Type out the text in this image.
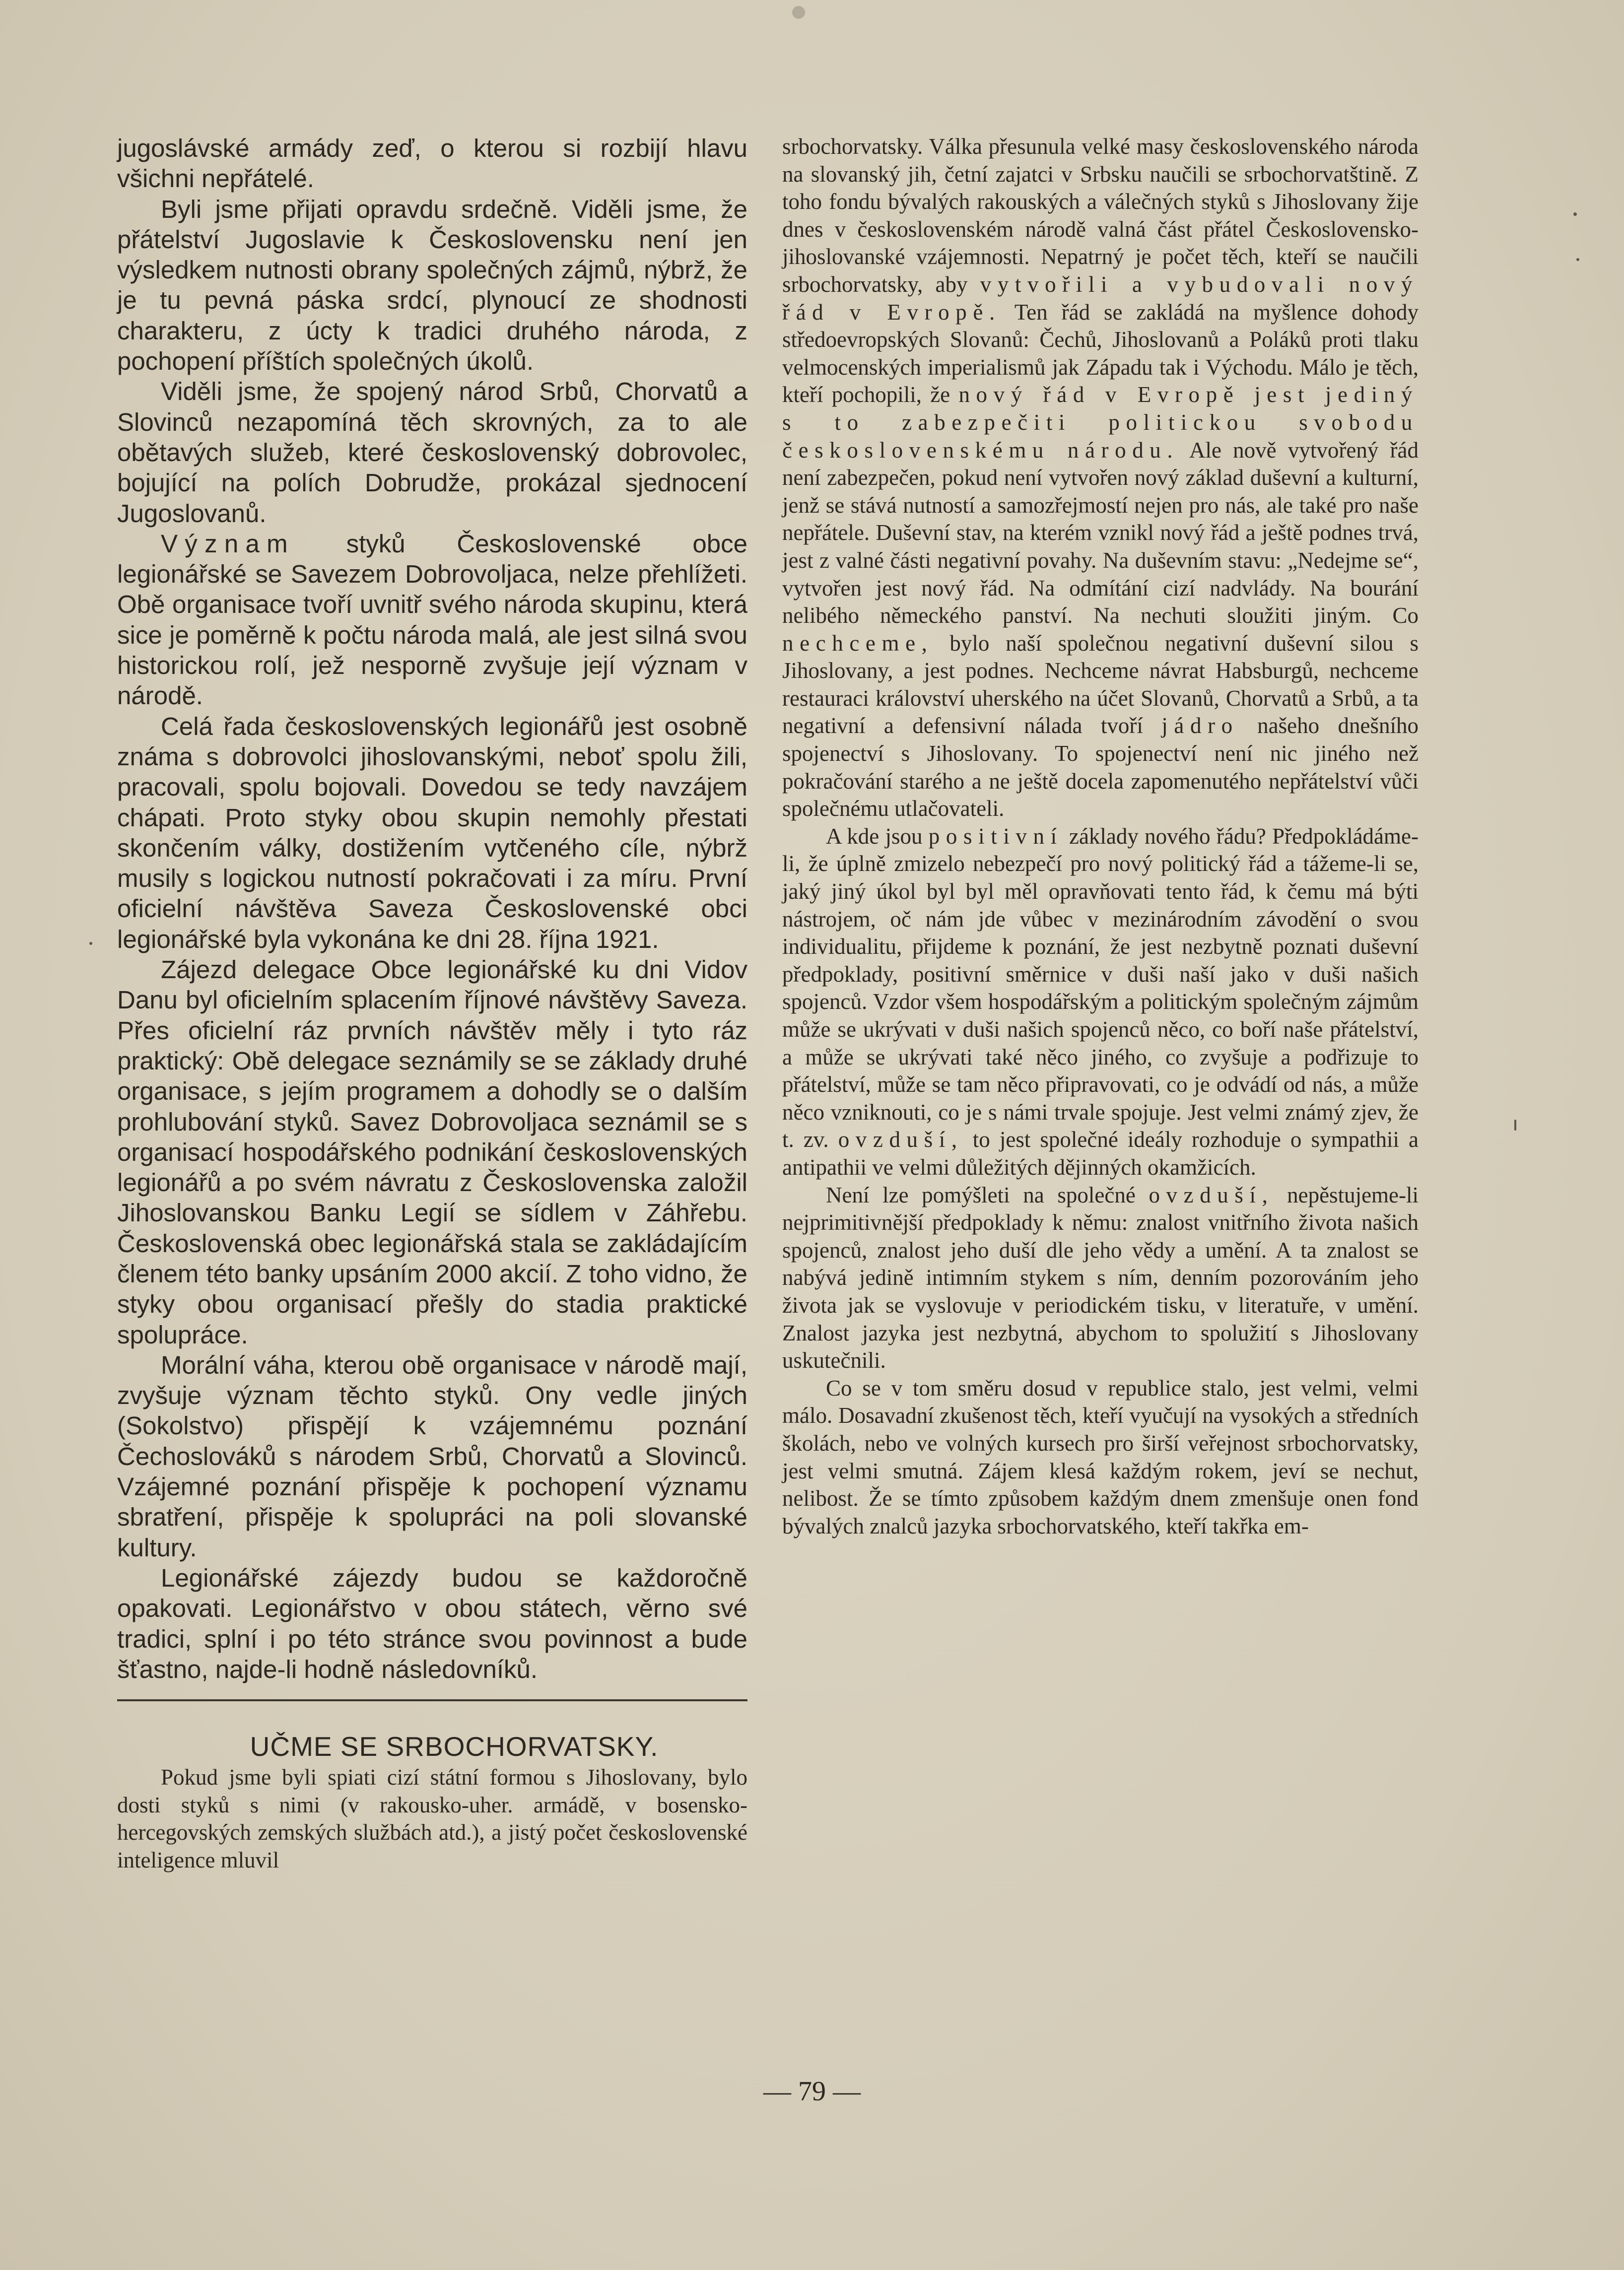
jugoslávské armády zeď, o kterou si rozbijí hlavu všichni nepřátelé.

Byli jsme přijati opravdu srdečně. Viděli jsme, že přátelství Jugoslavie k Československu není jen výsledkem nutnosti obrany společných zájmů, nýbrž, že je tu pevná páska srdcí, plynoucí ze shodnosti charakteru, z úcty k tradici druhého národa, z pochopení příštích společných úkolů.

Viděli jsme, že spojený národ Srbů, Chorvatů a Slovinců nezapomíná těch skrovných, za to ale obětavých služeb, které československý dobrovolec, bojující na polích Dobrudže, prokázal sjednocení Jugoslovanů.

Význam styků Československé obce legionářské se Savezem Dobrovoljaca, nelze přehlížeti. Obě organisace tvoří uvnitř svého národa skupinu, která sice je poměrně k počtu národa malá, ale jest silná svou historickou rolí, jež nesporně zvyšuje její význam v národě.

Celá řada československých legionářů jest osobně známa s dobrovolci jihoslovanskými, neboť spolu žili, pracovali, spolu bojovali. Dovedou se tedy navzájem chápati. Proto styky obou skupin nemohly přestati skončením války, dostižením vytčeného cíle, nýbrž musily s logickou nutností pokračovati i za míru. První oficielní návštěva Saveza Československé obci legionářské byla vykonána ke dni 28. října 1921.

Zájezd delegace Obce legionářské ku dni Vidov Danu byl oficielním splacením říjnové návštěvy Saveza. Přes oficielní ráz prvních návštěv měly i tyto ráz praktický: Obě delegace seznámily se se základy druhé organisace, s jejím programem a dohodly se o dalším prohlubování styků. Savez Dobrovoljaca seznámil se s organisací hospodářského podnikání československých legionářů a po svém návratu z Československa založil Jihoslovanskou Banku Legií se sídlem v Záhřebu. Československá obec legionářská stala se zakládajícím členem této banky upsáním 2000 akcií. Z toho vidno, že styky obou organisací přešly do stadia praktické spolupráce.

Morální váha, kterou obě organisace v národě mají, zvyšuje význam těchto styků. Ony vedle jiných (Sokolstvo) přispějí k vzájemnému poznání Čechoslováků s národem Srbů, Chorvatů a Slovinců. Vzájemné poznání přispěje k pochopení významu sbratření, přispěje k spolupráci na poli slovanské kultury.

Legionářské zájezdy budou se každoročně opakovati. Legionářstvo v obou státech, věrno své tradici, splní i po této stránce svou povinnost a bude šťastno, najde-li hodně následovníků.

UČME SE SRBOCHORVATSKY.

Pokud jsme byli spiati cizí státní formou s Jihoslovany, bylo dosti styků s nimi (v rakousko-uher. armádě, v bosensko-hercegovských zemských službách atd.), a jistý počet československé inteligence mluvil

srbochorvatsky. Válka přesunula velké masy československého národa na slovanský jih, četní zajatci v Srbsku naučili se srbochorvatštině. Z toho fondu bývalých rakouských a válečných styků s Jihoslovany žije dnes v československém národě valná část přátel Československo-jihoslovanské vzájemnosti. Nepatrný je počet těch, kteří se naučili srbochorvatsky, aby vytvořili a vybudovali nový řád v Evropě. Ten řád se zakládá na myšlence dohody středoevropských Slovanů: Čechů, Jihoslovanů a Poláků proti tlaku velmocenských imperialismů jak Západu tak i Východu. Málo je těch, kteří pochopili, že nový řád v Evropě jest jediný s to zabezpečiti politickou svobodu československému národu. Ale nově vytvořený řád není zabezpečen, pokud není vytvořen nový základ duševní a kulturní, jenž se stává nutností a samozřejmostí nejen pro nás, ale také pro naše nepřátele. Duševní stav, na kterém vznikl nový řád a ještě podnes trvá, jest z valné části negativní povahy. Na duševním stavu: „Nedejme se“, vytvořen jest nový řád. Na odmítání cizí nadvlády. Na bourání nelibého německého panství. Na nechuti sloužiti jiným. Co nechceme, bylo naší společnou negativní duševní silou s Jihoslovany, a jest podnes. Nechceme návrat Habsburgů, nechceme restauraci království uherského na účet Slovanů, Chorvatů a Srbů, a ta negativní a defensivní nálada tvoří jádro našeho dnešního spojenectví s Jihoslovany. To spojenectví není nic jiného než pokračování starého a ne ještě docela zapomenutého nepřátelství vůči společnému utlačovateli.

A kde jsou positivní základy nového řádu? Předpokládáme-li, že úplně zmizelo nebezpečí pro nový politický řád a tážeme-li se, jaký jiný úkol byl byl měl opravňovati tento řád, k čemu má býti nástrojem, oč nám jde vůbec v mezinárodním závodění o svou individualitu, přijdeme k poznání, že jest nezbytně poznati duševní předpoklady, positivní směrnice v duši naší jako v duši našich spojenců. Vzdor všem hospodářským a politickým společným zájmům může se ukrývati v duši našich spojenců něco, co boří naše přátelství, a může se ukrývati také něco jiného, co zvyšuje a podřizuje to přátelství, může se tam něco připravovati, co je odvádí od nás, a může něco vzniknouti, co je s námi trvale spojuje. Jest velmi známý zjev, že t. zv. ovzduší, to jest společné ideály rozhoduje o sympathii a antipathii ve velmi důležitých dějinných okamžicích.

Není lze pomýšleti na společné ovzduší, nepěstujeme-li nejprimitivnější předpoklady k němu: znalost vnitřního života našich spojenců, znalost jeho duší dle jeho vědy a umění. A ta znalost se nabývá jedině intimním stykem s ním, denním pozorováním jeho života jak se vyslovuje v periodickém tisku, v literatuře, v umění. Znalost jazyka jest nezbytná, abychom to spolužití s Jihoslovany uskutečnili.

Co se v tom směru dosud v republice stalo, jest velmi, velmi málo. Dosavadní zkušenost těch, kteří vyučují na vysokých a středních školách, nebo ve volných kursech pro širší veřejnost srbochorvatsky, jest velmi smutná. Zájem klesá každým rokem, jeví se nechut, nelibost. Že se tímto způsobem každým dnem zmenšuje onen fond bývalých znalců jazyka srbochorvatského, kteří takřka em-

— 79 —
